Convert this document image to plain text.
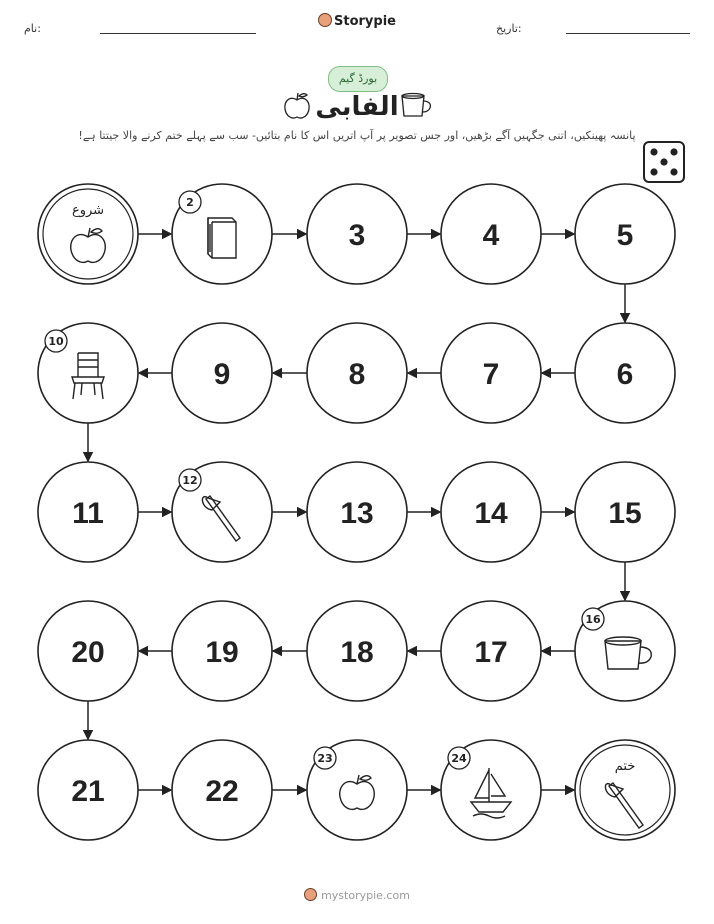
نام:	تاریخ:
Storypie
بورڈ گیم
الفابی
پانسہ پھینکیں، اتنی جگہیں آگے بڑھیں، اور جس تصویر پر آپ اتریں اس کا نام بتائیں- سب سے پہلے ختم کرنے والا جیتتا ہے!
شروع
2
3	4	5
6
7
8
9
10
11
12
13	14	15
16
17
18
19
20
21	22
23	24
ختم
mystorypie.com
